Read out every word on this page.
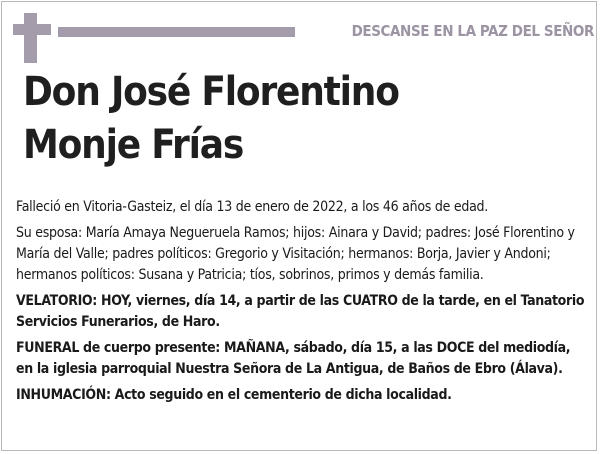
DESCANSE EN LA PAZ DEL SEÑOR
Don José Florentino
Monje Frías

Falleció en Vitoria-Gasteiz, el día 13 de enero de 2022, a los 46 años de edad.

Su esposa: María Amaya Negueruela Ramos; hijos: Ainara y David; padres: José Florentino y María del Valle; padres políticos: Gregorio y Visitación; hermanos: Borja, Javier y Andoni; hermanos políticos: Susana y Patricia; tíos, sobrinos, primos y demás familia.

VELATORIO: HOY, viernes, día 14, a partir de las CUATRO de la tarde, en el Tanatorio Servicios Funerarios, de Haro.

FUNERAL de cuerpo presente: MAÑANA, sábado, día 15, a las DOCE del mediodía, en la iglesia parroquial Nuestra Señora de La Antigua, de Baños de Ebro (Álava).

INHUMACIÓN: Acto seguido en el cementerio de dicha localidad.
